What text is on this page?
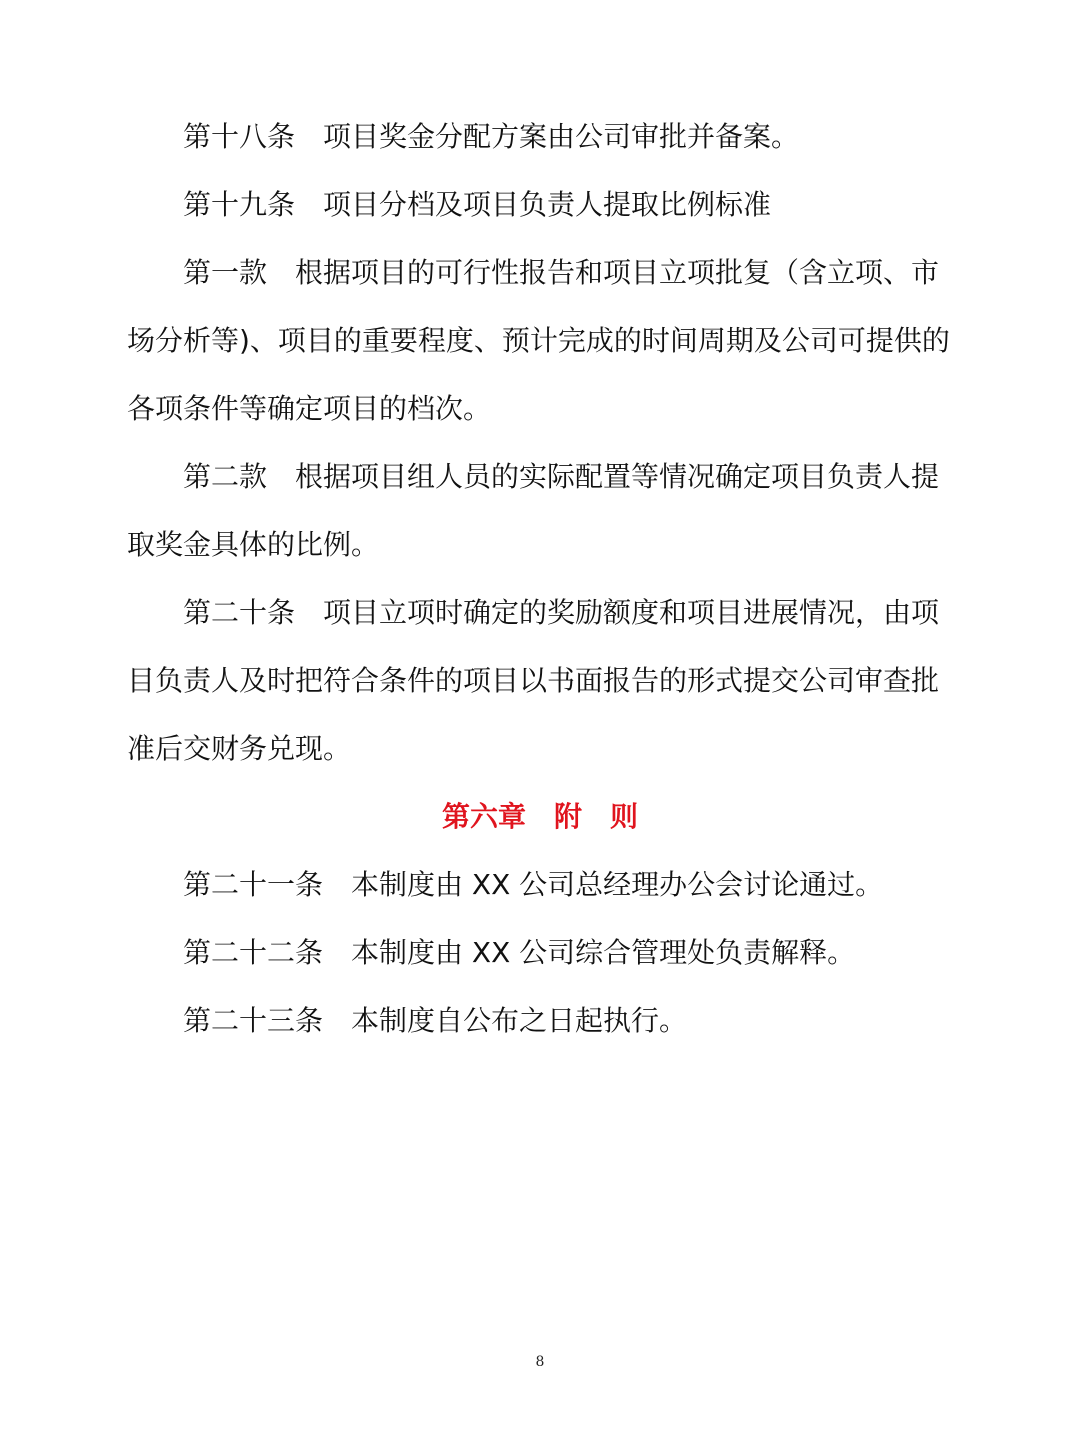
第十八条 项目奖金分配方案由公司审批并备案。

第十九条 项目分档及项目负责人提取比例标准

第一款 根据项目的可行性报告和项目立项批复（含立项、市场分析等)、项目的重要程度、预计完成的时间周期及公司可提供的各项条件等确定项目的档次。

第二款 根据项目组人员的实际配置等情况确定项目负责人提取奖金具体的比例。

第二十条 项目立项时确定的奖励额度和项目进展情况，由项目负责人及时把符合条件的项目以书面报告的形式提交公司审查批准后交财务兑现。

第六章 附 则

第二十一条 本制度由 XX 公司总经理办公会讨论通过。

第二十二条 本制度由 XX 公司综合管理处负责解释。

第二十三条 本制度自公布之日起执行。

8
